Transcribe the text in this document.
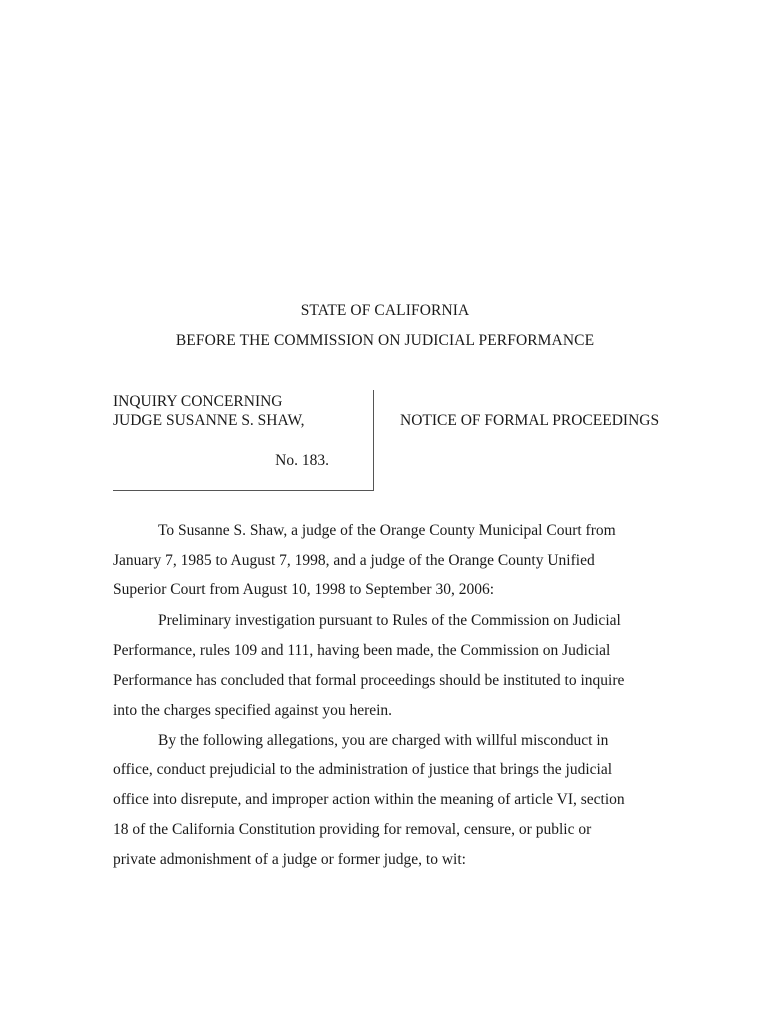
STATE OF CALIFORNIA
BEFORE THE COMMISSION ON JUDICIAL PERFORMANCE
INQUIRY CONCERNING
JUDGE SUSANNE S. SHAW,
No. 183.
NOTICE OF FORMAL PROCEEDINGS
To Susanne S. Shaw, a judge of the Orange County Municipal Court from
January 7, 1985 to August 7, 1998, and a judge of the Orange County Unified
Superior Court from August 10, 1998 to September 30, 2006:
Preliminary investigation pursuant to Rules of the Commission on Judicial
Performance, rules 109 and 111, having been made, the Commission on Judicial
Performance has concluded that formal proceedings should be instituted to inquire
into the charges specified against you herein.
By the following allegations, you are charged with willful misconduct in
office, conduct prejudicial to the administration of justice that brings the judicial
office into disrepute, and improper action within the meaning of article VI, section
18 of the California Constitution providing for removal, censure, or public or
private admonishment of a judge or former judge, to wit:
